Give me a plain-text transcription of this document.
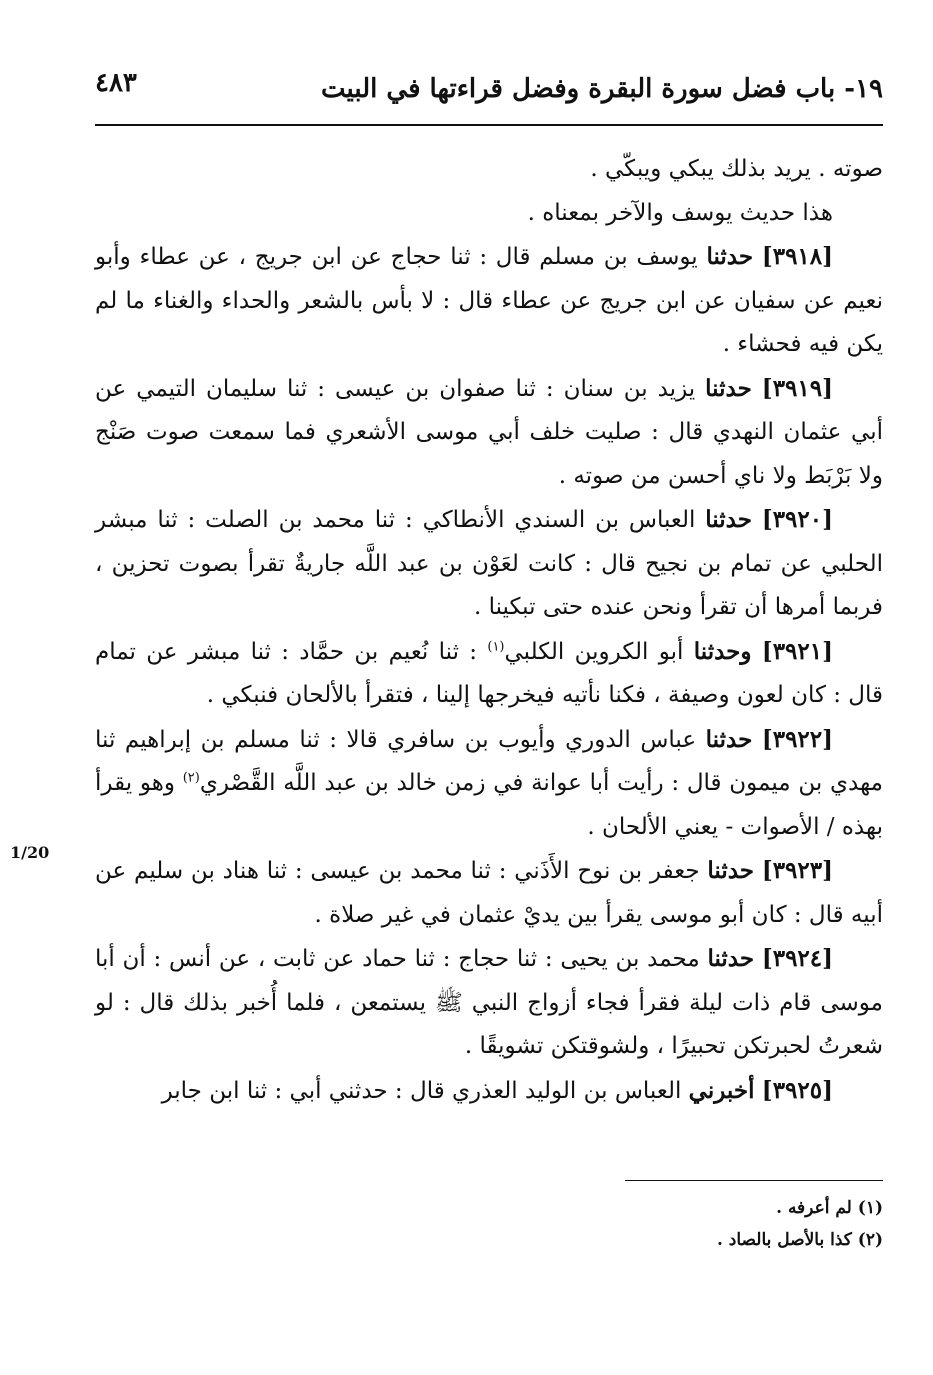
١٩- باب فضل سورة البقرة وفضل قراءتها في البيت
٤٨٣
1/20

صوته . يريد بذلك يبكي ويبكّي .

هذا حديث يوسف والآخر بمعناه .

[٣٩١٨] حدثنا يوسف بن مسلم قال : ثنا حجاج عن ابن جريج ، عن عطاء وأبو نعيم عن سفيان عن ابن جريج عن عطاء قال : لا بأس بالشعر والحداء والغناء ما لم يكن فيه فحشاء .

[٣٩١٩] حدثنا يزيد بن سنان : ثنا صفوان بن عيسى : ثنا سليمان التيمي عن أبي عثمان النهدي قال : صليت خلف أبي موسى الأشعري فما سمعت صوت صَنْج ولا بَرْبَط ولا ناي أحسن من صوته .

[٣٩٢٠] حدثنا العباس بن السندي الأنطاكي : ثنا محمد بن الصلت : ثنا مبشر الحلبي عن تمام بن نجيح قال : كانت لعَوْن بن عبد اللَّه جاريةٌ تقرأ بصوت تحزين ، فربما أمرها أن تقرأ ونحن عنده حتى تبكينا .

[٣٩٢١] وحدثنا أبو الكروين الكلبي$^{(١)}$ : ثنا نُعيم بن حمَّاد : ثنا مبشر عن تمام قال : كان لعون وصيفة ، فكنا نأتيه فيخرجها إلينا ، فتقرأ بالألحان فنبكي .

[٣٩٢٢] حدثنا عباس الدوري وأيوب بن سافري قالا : ثنا مسلم بن إبراهيم ثنا مهدي بن ميمون قال : رأيت أبا عوانة في زمن خالد بن عبد اللَّه القَّصْري$^{(٢)}$ وهو يقرأ بهذه / الأصوات - يعني الألحان .

[٣٩٢٣] حدثنا جعفر بن نوح الأَذَني : ثنا محمد بن عيسى : ثنا هناد بن سليم عن أبيه قال : كان أبو موسى يقرأ بين يديْ عثمان في غير صلاة .

[٣٩٢٤] حدثنا محمد بن يحيى : ثنا حجاج : ثنا حماد عن ثابت ، عن أنس : أن أبا موسى قام ذات ليلة فقرأ فجاء أزواج النبي ﷺ يستمعن ، فلما أُخبر بذلك قال : لو شعرتُ لحبرتكن تحبيرًا ، ولشوقتكن تشويقًا .

[٣٩٢٥] أخبرني العباس بن الوليد العذري قال : حدثني أبي : ثنا ابن جابر

(١) لم أعرفه .

(٢) كذا بالأصل بالصاد .
